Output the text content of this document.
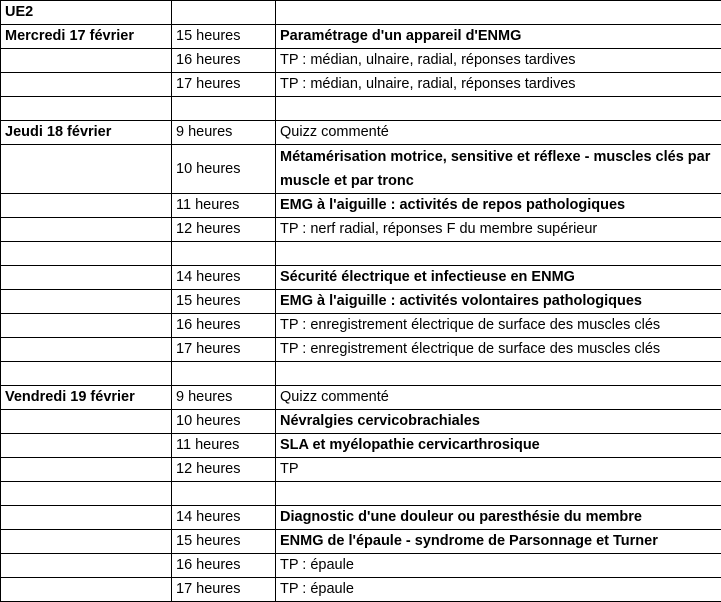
UE2		
Mercredi 17 février	15 heures	Paramétrage d'un appareil d'ENMG
	16 heures	TP : médian, ulnaire, radial, réponses tardives
	17 heures	TP : médian, ulnaire, radial, réponses tardives

Jeudi 18 février	9 heures	Quizz commenté
	10 heures	Métamérisation motrice, sensitive et réflexe - muscles clés par muscle et par tronc
	11 heures	EMG à l'aiguille : activités de repos pathologiques
	12 heures	TP : nerf radial, réponses F du membre supérieur

	14 heures	Sécurité électrique et infectieuse en ENMG
	15 heures	EMG à l'aiguille : activités volontaires pathologiques
	16 heures	TP : enregistrement électrique de surface des muscles clés
	17 heures	TP : enregistrement électrique de surface des muscles clés

Vendredi 19 février	9 heures	Quizz commenté
	10 heures	Névralgies cervicobrachiales
	11 heures	SLA et myélopathie cervicarthrosique
	12 heures	TP

	14 heures	Diagnostic d'une douleur ou paresthésie du membre
	15 heures	ENMG de l'épaule - syndrome de Parsonnage et Turner
	16 heures	TP : épaule
	17 heures	TP : épaule
